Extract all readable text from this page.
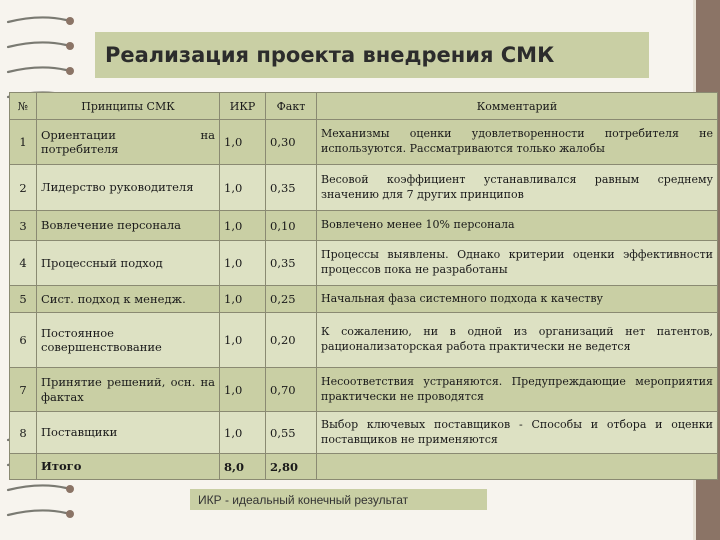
Реализация проекта внедрения СМК
№	Принципы СМК	ИКР	Факт	Комментарий
1	Ориентации на потребителя	1,0	0,30	Механизмы оценки удовлетворенности потребителя не используются. Рассматриваются только жалобы
2	Лидерство руководителя	1,0	0,35	Весовой коэффициент устанавливался равным среднему значению для 7 других принципов
3	Вовлечение персонала	1,0	0,10	Вовлечено менее 10% персонала
4	Процессный подход	1,0	0,35	Процессы выявлены. Однако критерии оценки эффективности процессов пока не разработаны
5	Сист. подход к менедж.	1,0	0,25	Начальная фаза системного подхода к качеству
6	Постоянное совершенствование	1,0	0,20	К сожалению, ни в одной из организаций нет патентов, рационализаторская работа практически не ведется
7	Принятие решений, осн. на фактах	1,0	0,70	Несоответствия устраняются. Предупреждающие мероприятия практически не проводятся
8	Поставщики	1,0	0,55	Выбор ключевых поставщиков - Способы и отбора и оценки поставщиков не применяются
	Итого	8,0	2,80	
ИКР - идеальный конечный результат
